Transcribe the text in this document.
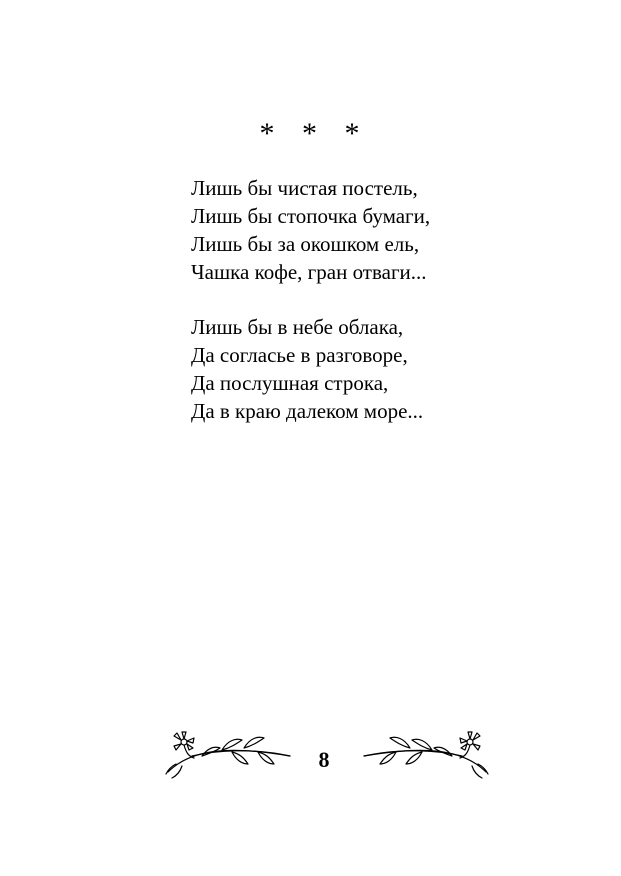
* * *

Лишь бы чистая постель,
Лишь бы стопочка бумаги,
Лишь бы за окошком ель,
Чашка кофе, гран отваги...

Лишь бы в небе облака,
Да согласье в разговоре,
Да послушная строка,
Да в краю далеком море...

8
